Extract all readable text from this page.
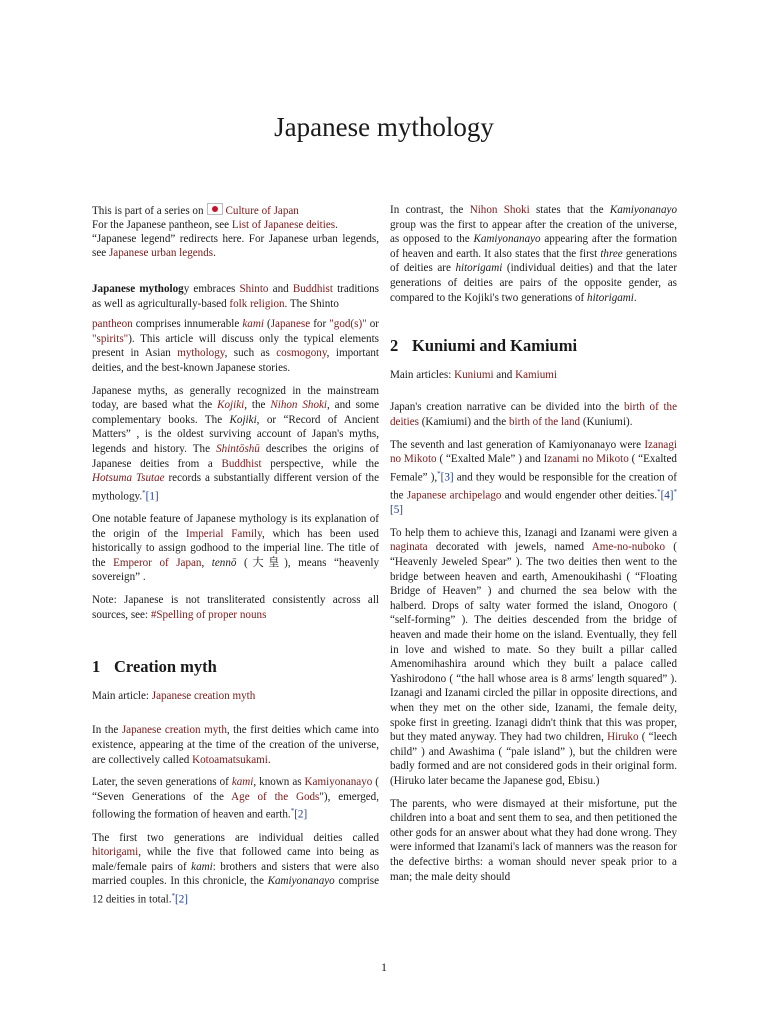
Japanese mythology
This is part of a series on Culture of Japan
For the Japanese pantheon, see List of Japanese deities.
“Japanese legend” redirects here. For Japanese urban legends, see Japanese urban legends.

Japanese mythology embraces Shinto and Buddhist traditions as well as agriculturally-based folk religion. The Shinto

pantheon comprises innumerable kami (Japanese for "god(s)" or "spirits"). This article will discuss only the typical elements present in Asian mythology, such as cosmogony, important deities, and the best-known Japanese stories.

Japanese myths, as generally recognized in the mainstream today, are based what the Kojiki, the Nihon Shoki, and some complementary books. The Kojiki, or “Record of Ancient Matters” , is the oldest surviving account of Japan's myths, legends and history. The Shintōshū describes the origins of Japanese deities from a Buddhist perspective, while the Hotsuma Tsutae records a substantially different version of the mythology.*[1]

One notable feature of Japanese mythology is its explanation of the origin of the Imperial Family, which has been used historically to assign godhood to the imperial line. The title of the Emperor of Japan, tennō (大皇), means “heavenly sovereign” .

Note: Japanese is not transliterated consistently across all sources, see: #Spelling of proper nouns

1 Creation myth

Main article: Japanese creation myth

In the Japanese creation myth, the first deities which came into existence, appearing at the time of the creation of the universe, are collectively called Kotoamatsukami.

Later, the seven generations of kami, known as Kamiyonanayo ( “Seven Generations of the Age of the Gods"), emerged, following the formation of heaven and earth.*[2]

The first two generations are individual deities called hitorigami, while the five that followed came into being as male/female pairs of kami: brothers and sisters that were also married couples. In this chronicle, the Kamiyonanayo comprise 12 deities in total.*[2]

In contrast, the Nihon Shoki states that the Kamiyonanayo group was the first to appear after the creation of the universe, as opposed to the Kamiyonanayo appearing after the formation of heaven and earth. It also states that the first three generations of deities are hitorigami (individual deities) and that the later generations of deities are pairs of the opposite gender, as compared to the Kojiki's two generations of hitorigami.

2 Kuniumi and Kamiumi

Main articles: Kuniumi and Kamiumi

Japan's creation narrative can be divided into the birth of the deities (Kamiumi) and the birth of the land (Kuniumi).

The seventh and last generation of Kamiyonanayo were Izanagi no Mikoto ( “Exalted Male” ) and Izanami no Mikoto ( “Exalted Female” ),*[3] and they would be responsible for the creation of the Japanese archipelago and would engender other deities.*[4]*[5]

To help them to achieve this, Izanagi and Izanami were given a naginata decorated with jewels, named Ame-no-nuboko ( “Heavenly Jeweled Spear” ). The two deities then went to the bridge between heaven and earth, Amenoukihashi ( “Floating Bridge of Heaven” ) and churned the sea below with the halberd. Drops of salty water formed the island, Onogoro ( “self-forming” ). The deities descended from the bridge of heaven and made their home on the island. Eventually, they fell in love and wished to mate. So they built a pillar called Amenomihashira around which they built a palace called Yashirodono ( “the hall whose area is 8 arms' length squared” ). Izanagi and Izanami circled the pillar in opposite directions, and when they met on the other side, Izanami, the female deity, spoke first in greeting. Izanagi didn't think that this was proper, but they mated anyway. They had two children, Hiruko ( “leech child” ) and Awashima ( “pale island” ), but the children were badly formed and are not considered gods in their original form. (Hiruko later became the Japanese god, Ebisu.)

The parents, who were dismayed at their misfortune, put the children into a boat and sent them to sea, and then petitioned the other gods for an answer about what they had done wrong. They were informed that Izanami's lack of manners was the reason for the defective births: a woman should never speak prior to a man; the male deity should

1
